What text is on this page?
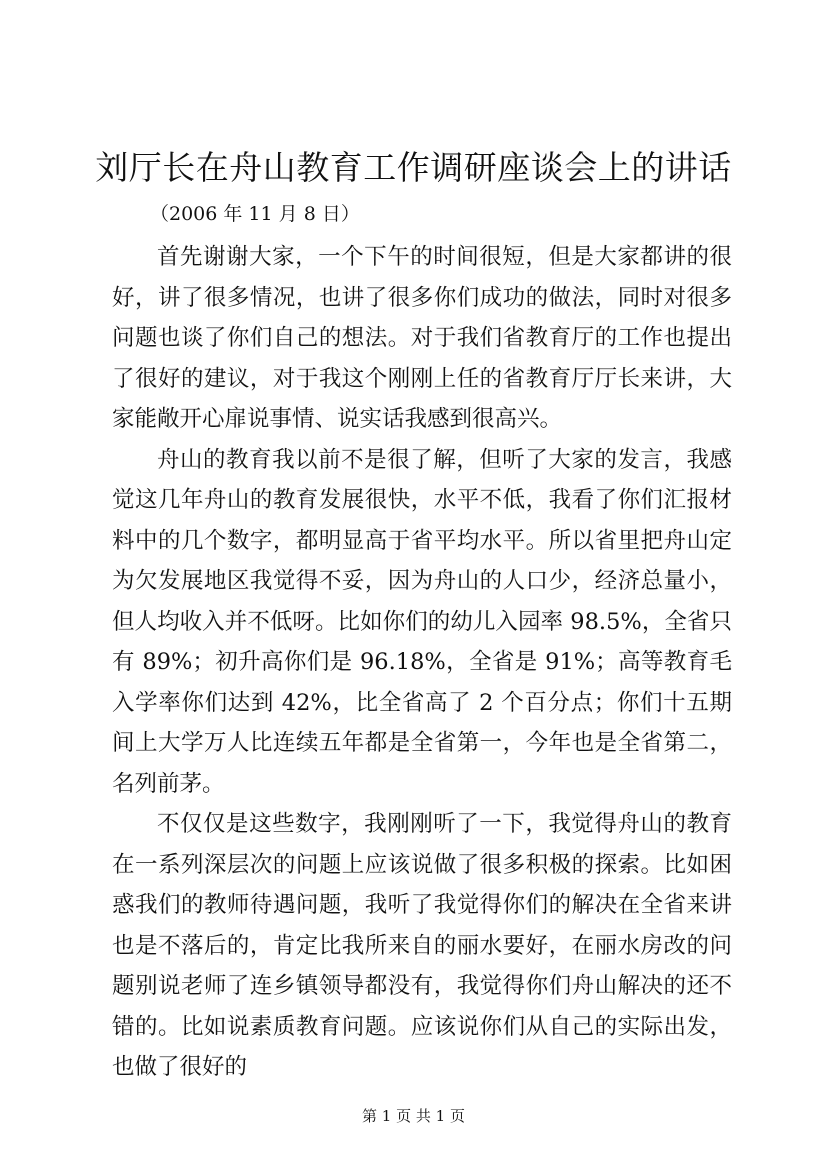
刘厅长在舟山教育工作调研座谈会上的讲话
（2006 年 11 月 8 日）

首先谢谢大家，一个下午的时间很短，但是大家都讲的很好，讲了很多情况，也讲了很多你们成功的做法，同时对很多问题也谈了你们自己的想法。对于我们省教育厅的工作也提出了很好的建议，对于我这个刚刚上任的省教育厅厅长来讲，大家能敞开心扉说事情、说实话我感到很高兴。

舟山的教育我以前不是很了解，但听了大家的发言，我感觉这几年舟山的教育发展很快，水平不低，我看了你们汇报材料中的几个数字，都明显高于省平均水平。所以省里把舟山定为欠发展地区我觉得不妥，因为舟山的人口少，经济总量小，但人均收入并不低呀。比如你们的幼儿入园率 98.5%，全省只有 89%；初升高你们是 96.18%，全省是 91%；高等教育毛入学率你们达到 42%，比全省高了 2 个百分点；你们十五期间上大学万人比连续五年都是全省第一，今年也是全省第二，名列前茅。

不仅仅是这些数字，我刚刚听了一下，我觉得舟山的教育在一系列深层次的问题上应该说做了很多积极的探索。比如困惑我们的教师待遇问题，我听了我觉得你们的解决在全省来讲也是不落后的，肯定比我所来自的丽水要好，在丽水房改的问题别说老师了连乡镇领导都没有，我觉得你们舟山解决的还不错的。比如说素质教育问题。应该说你们从自己的实际出发，也做了很好的

第 1 页 共 1 页
